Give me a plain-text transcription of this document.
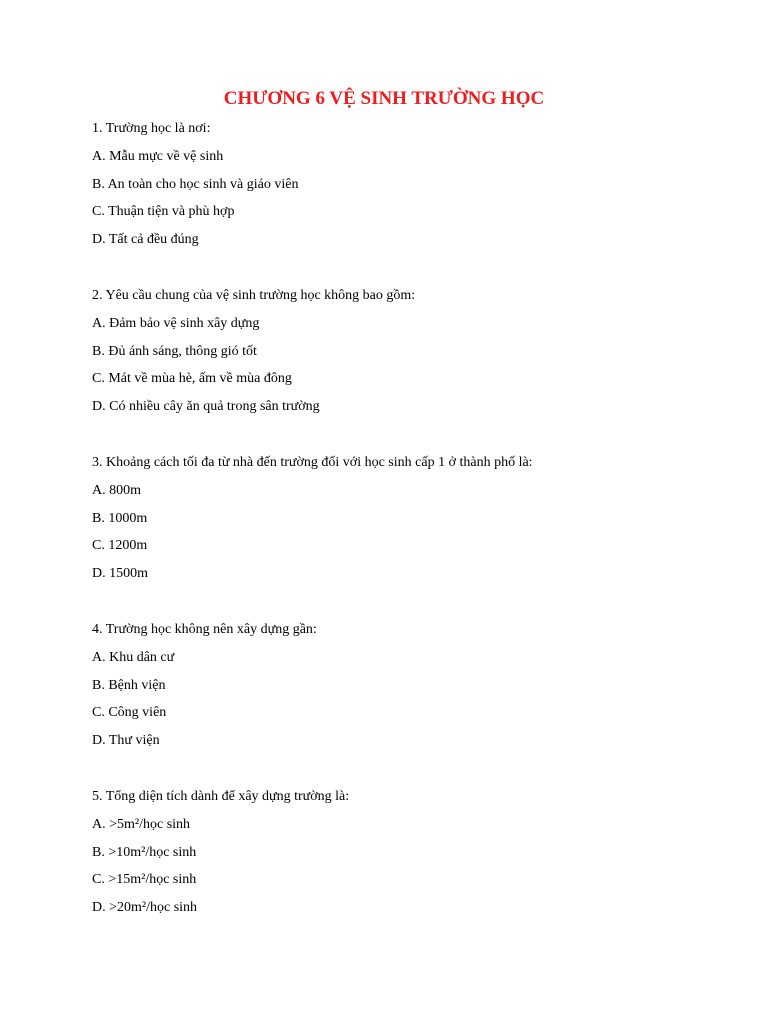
CHƯƠNG 6 VỆ SINH TRƯỜNG HỌC
1. Trường học là nơi:
A. Mẫu mực về vệ sinh
B. An toàn cho học sinh và giáo viên
C. Thuận tiện và phù hợp
D. Tất cả đều đúng
2. Yêu cầu chung của vệ sinh trường học không bao gồm:
A. Đảm bảo vệ sinh xây dựng
B. Đủ ánh sáng, thông gió tốt
C. Mát về mùa hè, ấm về mùa đông
D. Có nhiều cây ăn quả trong sân trường
3. Khoảng cách tối đa từ nhà đến trường đối với học sinh cấp 1 ở thành phố là:
A. 800m
B. 1000m
C. 1200m
D. 1500m
4. Trường học không nên xây dựng gần:
A. Khu dân cư
B. Bệnh viện
C. Công viên
D. Thư viện
5. Tổng diện tích dành để xây dựng trường là:
A. >5m²/học sinh
B. >10m²/học sinh
C. >15m²/học sinh
D. >20m²/học sinh
